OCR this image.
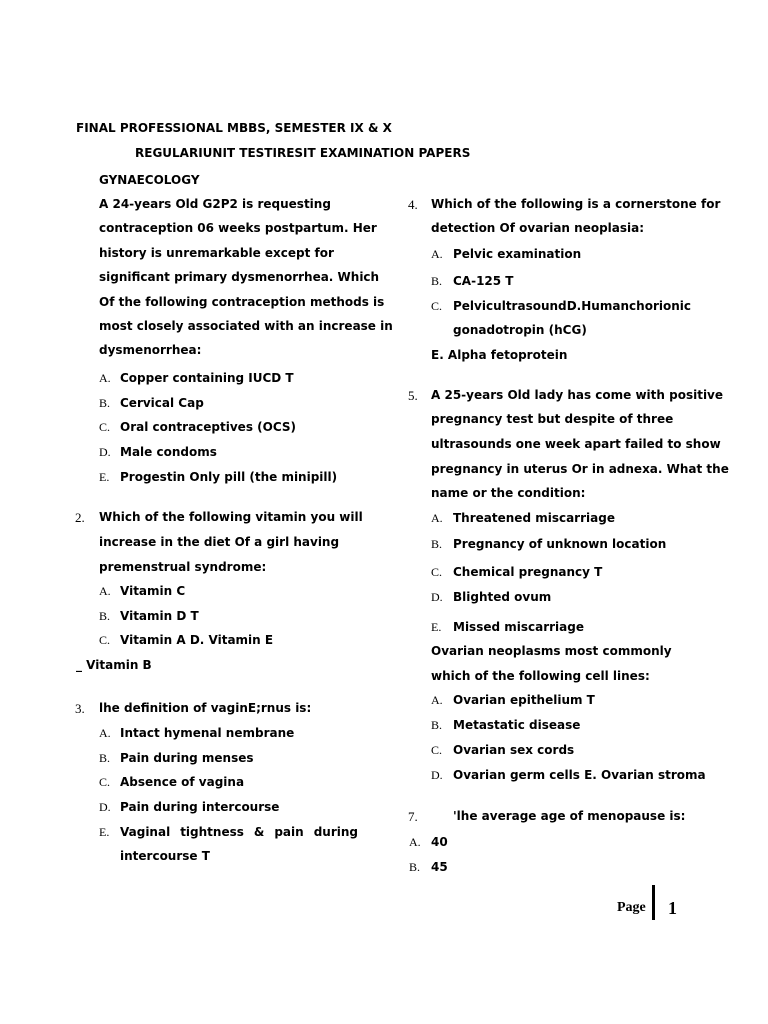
FINAL PROFESSIONAL MBBS, SEMESTER IX & X
REGULARIUNIT TESTIRESIT EXAMINATION PAPERS
GYNAECOLOGY
A 24-years Old G2P2 is requesting
contraception 06 weeks postpartum. Her
history is unremarkable except for
significant primary dysmenorrhea. Which
Of the following contraception methods is
most closely associated with an increase in
dysmenorrhea:
A. Copper containing IUCD T
B. Cervical Cap
C. Oral contraceptives (OCS)
D. Male condoms
E. Progestin Only pill (the minipill)
2. Which of the following vitamin you will
increase in the diet Of a girl having
premenstrual syndrome:
A. Vitamin C
B. Vitamin D T
C. Vitamin A D. Vitamin E
_ Vitamin B
3. lhe definition of vaginE;rnus is:
A. Intact hymenal nembrane
B. Pain during menses
C. Absence of vagina
D. Pain during intercourse
E. Vaginal tightness & pain during
intercourse T
4. Which of the following is a cornerstone for
detection Of ovarian neoplasia:
A. Pelvic examination
B. CA-125 T
C. Pelvic ultrasound D. Human chorionic
gonadotropin (hCG)
E. Alpha fetoprotein
5. A 25-years Old lady has come with positive
pregnancy test but despite of three
ultrasounds one week apart failed to show
pregnancy in uterus Or in adnexa. What the
name or the condition:
A. Threatened miscarriage
B. Pregnancy of unknown location
C. Chemical pregnancy T
D. Blighted ovum
E. Missed miscarriage
Ovarian neoplasms most commonly
which of the following cell lines:
A. Ovarian epithelium T
B. Metastatic disease
C. Ovarian sex cords
D. Ovarian germ cells E. Ovarian stroma
7.	'lhe average age of menopause is:
A. 40
B. 45
Page 1
